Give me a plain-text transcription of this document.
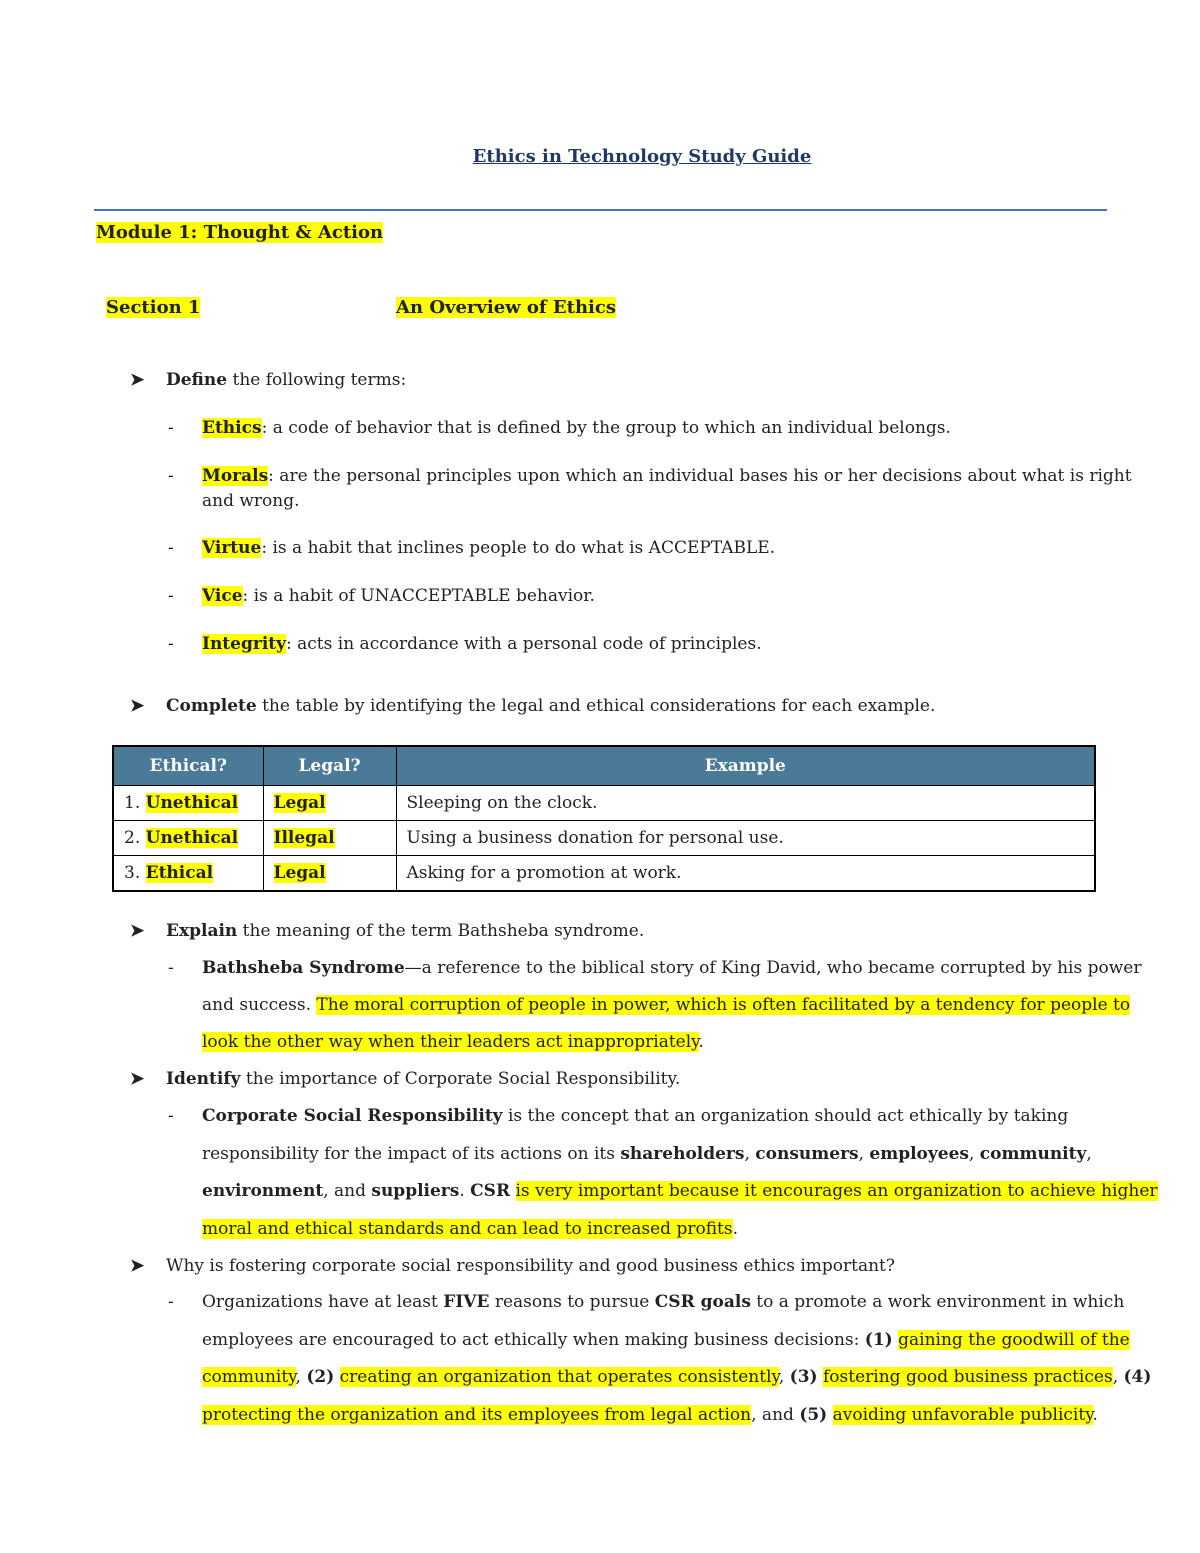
Ethics in Technology Study Guide
Module 1: Thought & Action
Section 1	An Overview of Ethics
➤ Define the following terms:
- Ethics: a code of behavior that is defined by the group to which an individual belongs.
- Morals: are the personal principles upon which an individual bases his or her decisions about what is right
and wrong.
- Virtue: is a habit that inclines people to do what is ACCEPTABLE.
- Vice: is a habit of UNACCEPTABLE behavior.
- Integrity: acts in accordance with a personal code of principles.
➤ Complete the table by identifying the legal and ethical considerations for each example.
Ethical?	Legal?	Example
1. Unethical	Legal	Sleeping on the clock.
2. Unethical	Illegal	Using a business donation for personal use.
3. Ethical	Legal	Asking for a promotion at work.
➤ Explain the meaning of the term Bathsheba syndrome.
- Bathsheba Syndrome—a reference to the biblical story of King David, who became corrupted by his power
and success. The moral corruption of people in power, which is often facilitated by a tendency for people to
look the other way when their leaders act inappropriately.
➤ Identify the importance of Corporate Social Responsibility.
- Corporate Social Responsibility is the concept that an organization should act ethically by taking
responsibility for the impact of its actions on its shareholders, consumers, employees, community,
environment, and suppliers. CSR is very important because it encourages an organization to achieve higher
moral and ethical standards and can lead to increased profits.
➤ Why is fostering corporate social responsibility and good business ethics important?
- Organizations have at least FIVE reasons to pursue CSR goals to a promote a work environment in which
employees are encouraged to act ethically when making business decisions: (1) gaining the goodwill of the
community, (2) creating an organization that operates consistently, (3) fostering good business practices, (4)
protecting the organization and its employees from legal action, and (5) avoiding unfavorable publicity.
